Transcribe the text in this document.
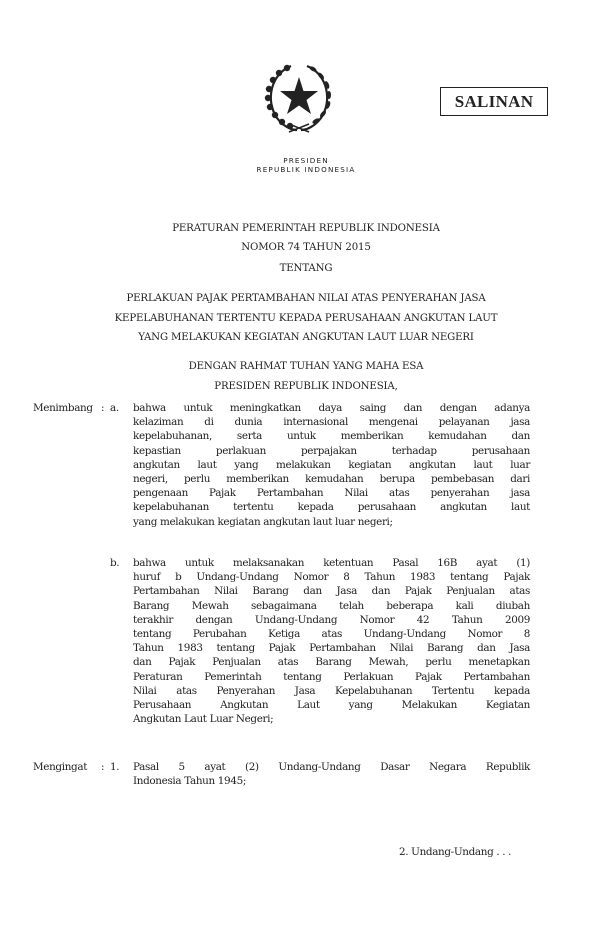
SALINAN
PRESIDEN
REPUBLIK INDONESIA
PERATURAN PEMERINTAH REPUBLIK INDONESIA
NOMOR 74 TAHUN 2015
TENTANG
PERLAKUAN PAJAK PERTAMBAHAN NILAI ATAS PENYERAHAN JASA
KEPELABUHANAN TERTENTU KEPADA PERUSAHAAN ANGKUTAN LAUT
YANG MELAKUKAN KEGIATAN ANGKUTAN LAUT LUAR NEGERI
DENGAN RAHMAT TUHAN YANG MAHA ESA
PRESIDEN REPUBLIK INDONESIA,
Menimbang : a. bahwa untuk meningkatkan daya saing dan dengan adanya
kelaziman di dunia internasional mengenai pelayanan jasa
kepelabuhanan, serta untuk memberikan kemudahan dan
kepastian perlakuan perpajakan terhadap perusahaan
angkutan laut yang melakukan kegiatan angkutan laut luar
negeri, perlu memberikan kemudahan berupa pembebasan dari
pengenaan Pajak Pertambahan Nilai atas penyerahan jasa
kepelabuhanan tertentu kepada perusahaan angkutan laut
yang melakukan kegiatan angkutan laut luar negeri;
b. bahwa untuk melaksanakan ketentuan Pasal 16B ayat (1)
huruf b Undang-Undang Nomor 8 Tahun 1983 tentang Pajak
Pertambahan Nilai Barang dan Jasa dan Pajak Penjualan atas
Barang Mewah sebagaimana telah beberapa kali diubah
terakhir dengan Undang-Undang Nomor 42 Tahun 2009
tentang Perubahan Ketiga atas Undang-Undang Nomor 8
Tahun 1983 tentang Pajak Pertambahan Nilai Barang dan Jasa
dan Pajak Penjualan atas Barang Mewah, perlu menetapkan
Peraturan Pemerintah tentang Perlakuan Pajak Pertambahan
Nilai atas Penyerahan Jasa Kepelabuhanan Tertentu kepada
Perusahaan Angkutan Laut yang Melakukan Kegiatan
Angkutan Laut Luar Negeri;
Mengingat : 1. Pasal 5 ayat (2) Undang-Undang Dasar Negara Republik
Indonesia Tahun 1945;
2. Undang-Undang . . .
